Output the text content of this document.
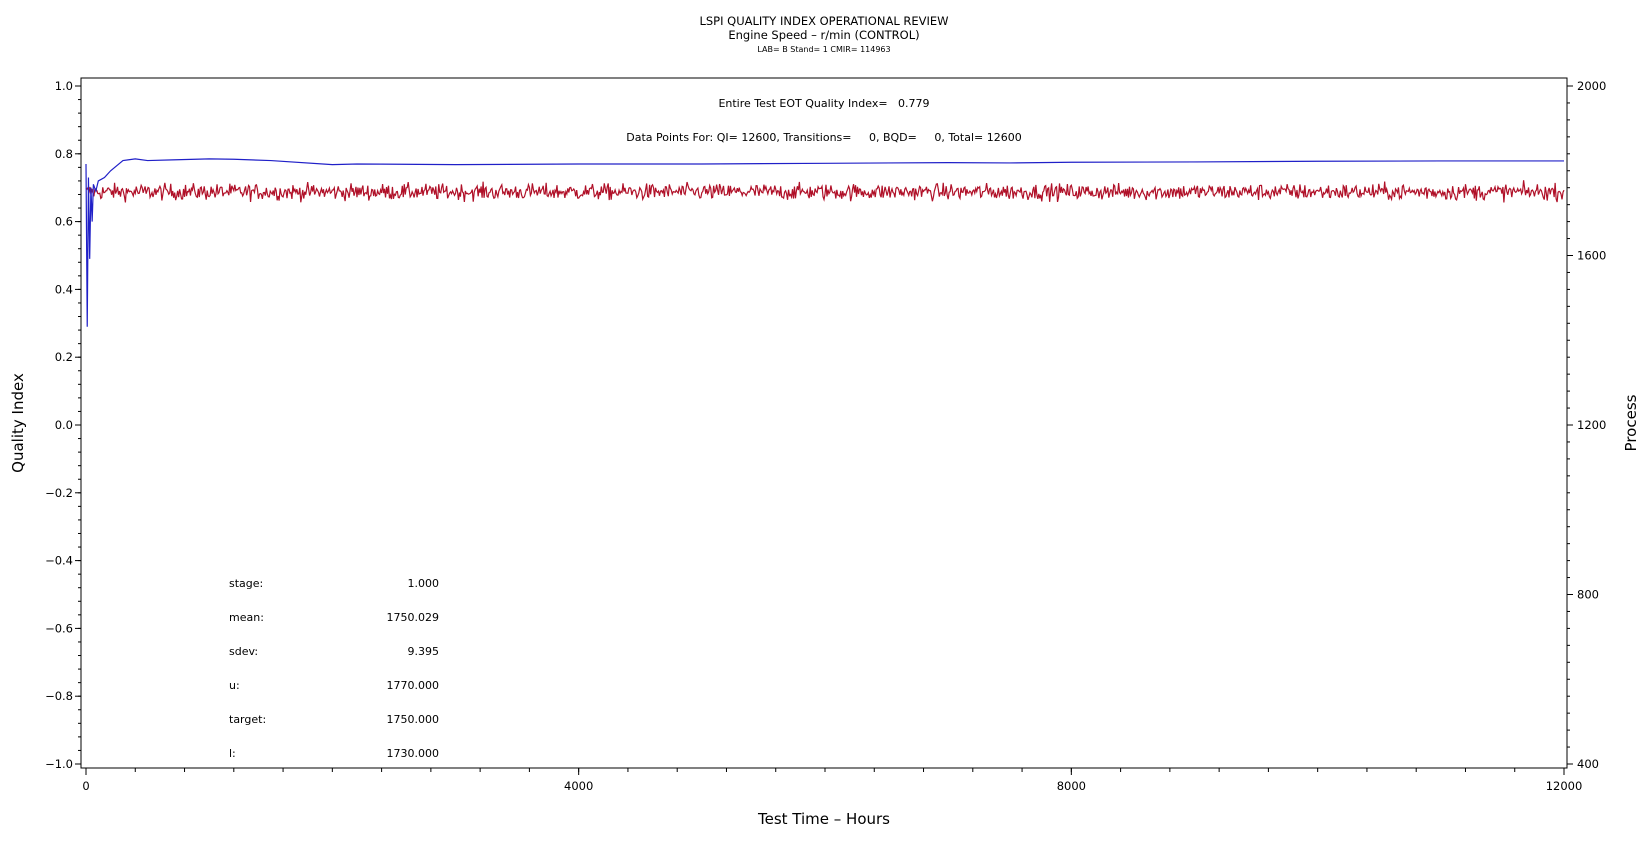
LSPI QUALITY INDEX OPERATIONAL REVIEW
Engine Speed – r/min (CONTROL)
LAB= B Stand= 1 CMIR= 114963
1.0
0.8
0.6
0.4
0.2
0.0
−0.2
−0.4
−0.6
−0.8
−1.0
2000
1600
1200
800
400
0	4000	8000	12000
Entire Test EOT Quality Index=   0.779
Data Points For: QI= 12600, Transitions=     0, BQD=     0, Total= 12600
Test Time – Hours
Quality Index	Process
stage:	1.000
mean:	1750.029
sdev:	9.395
u:	1770.000
target:	1750.000
l:	1730.000
